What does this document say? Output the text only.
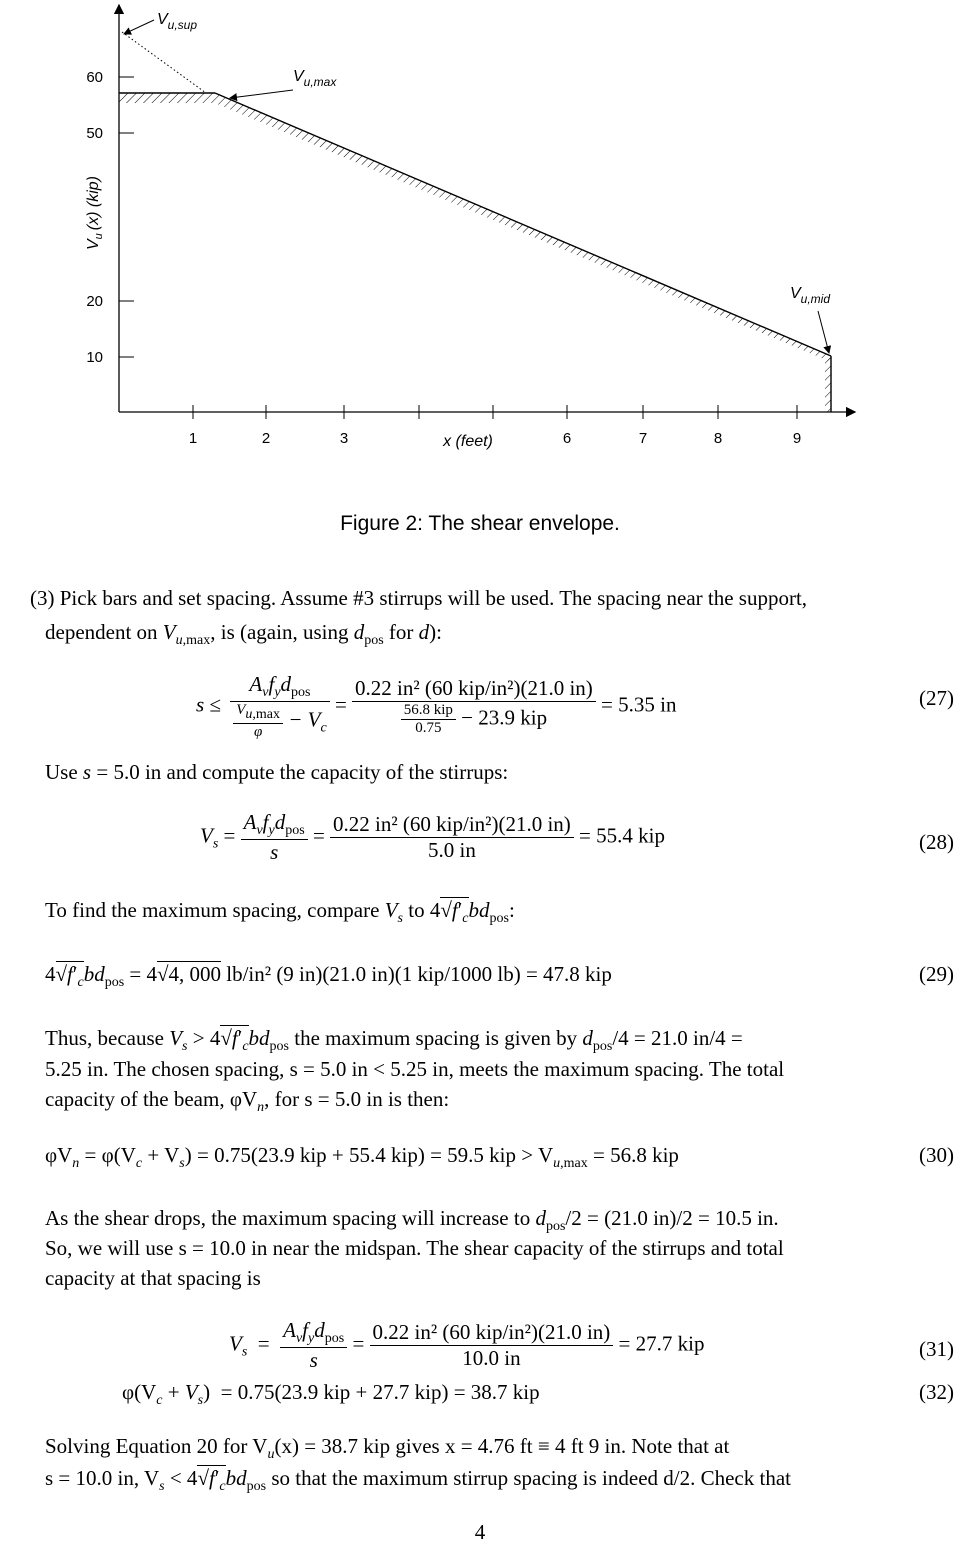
60
50
20
10
$V_u(x)$ (kip)
1	2	3	x (feet)	6	7	8	9
$V_{u,sup}$
$V_{u,max}$
$V_{u,mid}$
Figure 2: The shear envelope.
(3) Pick bars and set spacing. Assume #3 stirrups will be used. The spacing near the support,
dependent on $V_{u,max}$, is (again, using $d_{pos}$ for d):
$s \le \frac{A_vf_yd_{pos}}{\frac{V_{u,max}}{\varphi} - V_c} = \frac{\text{0.22 in² (60 kip/in²)(21.0 in)}}{\frac{\text{56.8 kip}}{0.75} - 23.9 kip} = 5.35$ in	(27)
Use s = 5.0 in and compute the capacity of the stirrups:
$V_s = \frac{A_vf_yd_{pos}}{s} = \frac{\text{0.22 in² (60 kip/in²)(21.0 in)}}{5.0 in} = 55.4$ kip	(28)
To find the maximum spacing, compare $V_s$ to $4√f'_cbd_{pos}$:
$4√f'_cbd_{pos} = 4√4$, 000 lb/in² (9 in)(21.0 in)(1 kip/1000 lb) = 47.8 kip	(29)
Thus, because $V_s > 4√f'_cbd_{pos}$ the maximum spacing is given by $d_{pos}/4 = 21.0$ in/4 =
5.25 in. The chosen spacing, s = 5.0 in < 5.25 in, meets the maximum spacing. The total
capacity of the beam, $\varphi V_n$, for s = 5.0 in is then:
$\varphi V_n = \varphi(V_c + V_s) = 0.75(23.9$ kip + 55.4 kip) = 59.5 kip > $V_{u,max} = 56.8$ kip	(30)
As the shear drops, the maximum spacing will increase to $d_{pos}/2 = (21.0$ in)/2 = 10.5 in.
So, we will use s = 10.0 in near the midspan. The shear capacity of the stirrups and total
capacity at that spacing is
$V_s = \frac{A_vf_yd_{pos}}{s} = \frac{\text{0.22 in² (60 kip/in²)(21.0 in)}}{10.0 in} = 27.7$ kip	(31)
$\varphi(V_c + V_s) = 0.75(23.9$ kip + 27.7 kip) = 38.7 kip	(32)
Solving Equation 20 for $V_u(x) = 38.7$ kip gives x = 4.76 ft ≡ 4 ft 9 in. Note that at
s = 10.0 in, $V_s < 4√f'_cbd_{pos}$ so that the maximum stirrup spacing is indeed d/2. Check that
4
